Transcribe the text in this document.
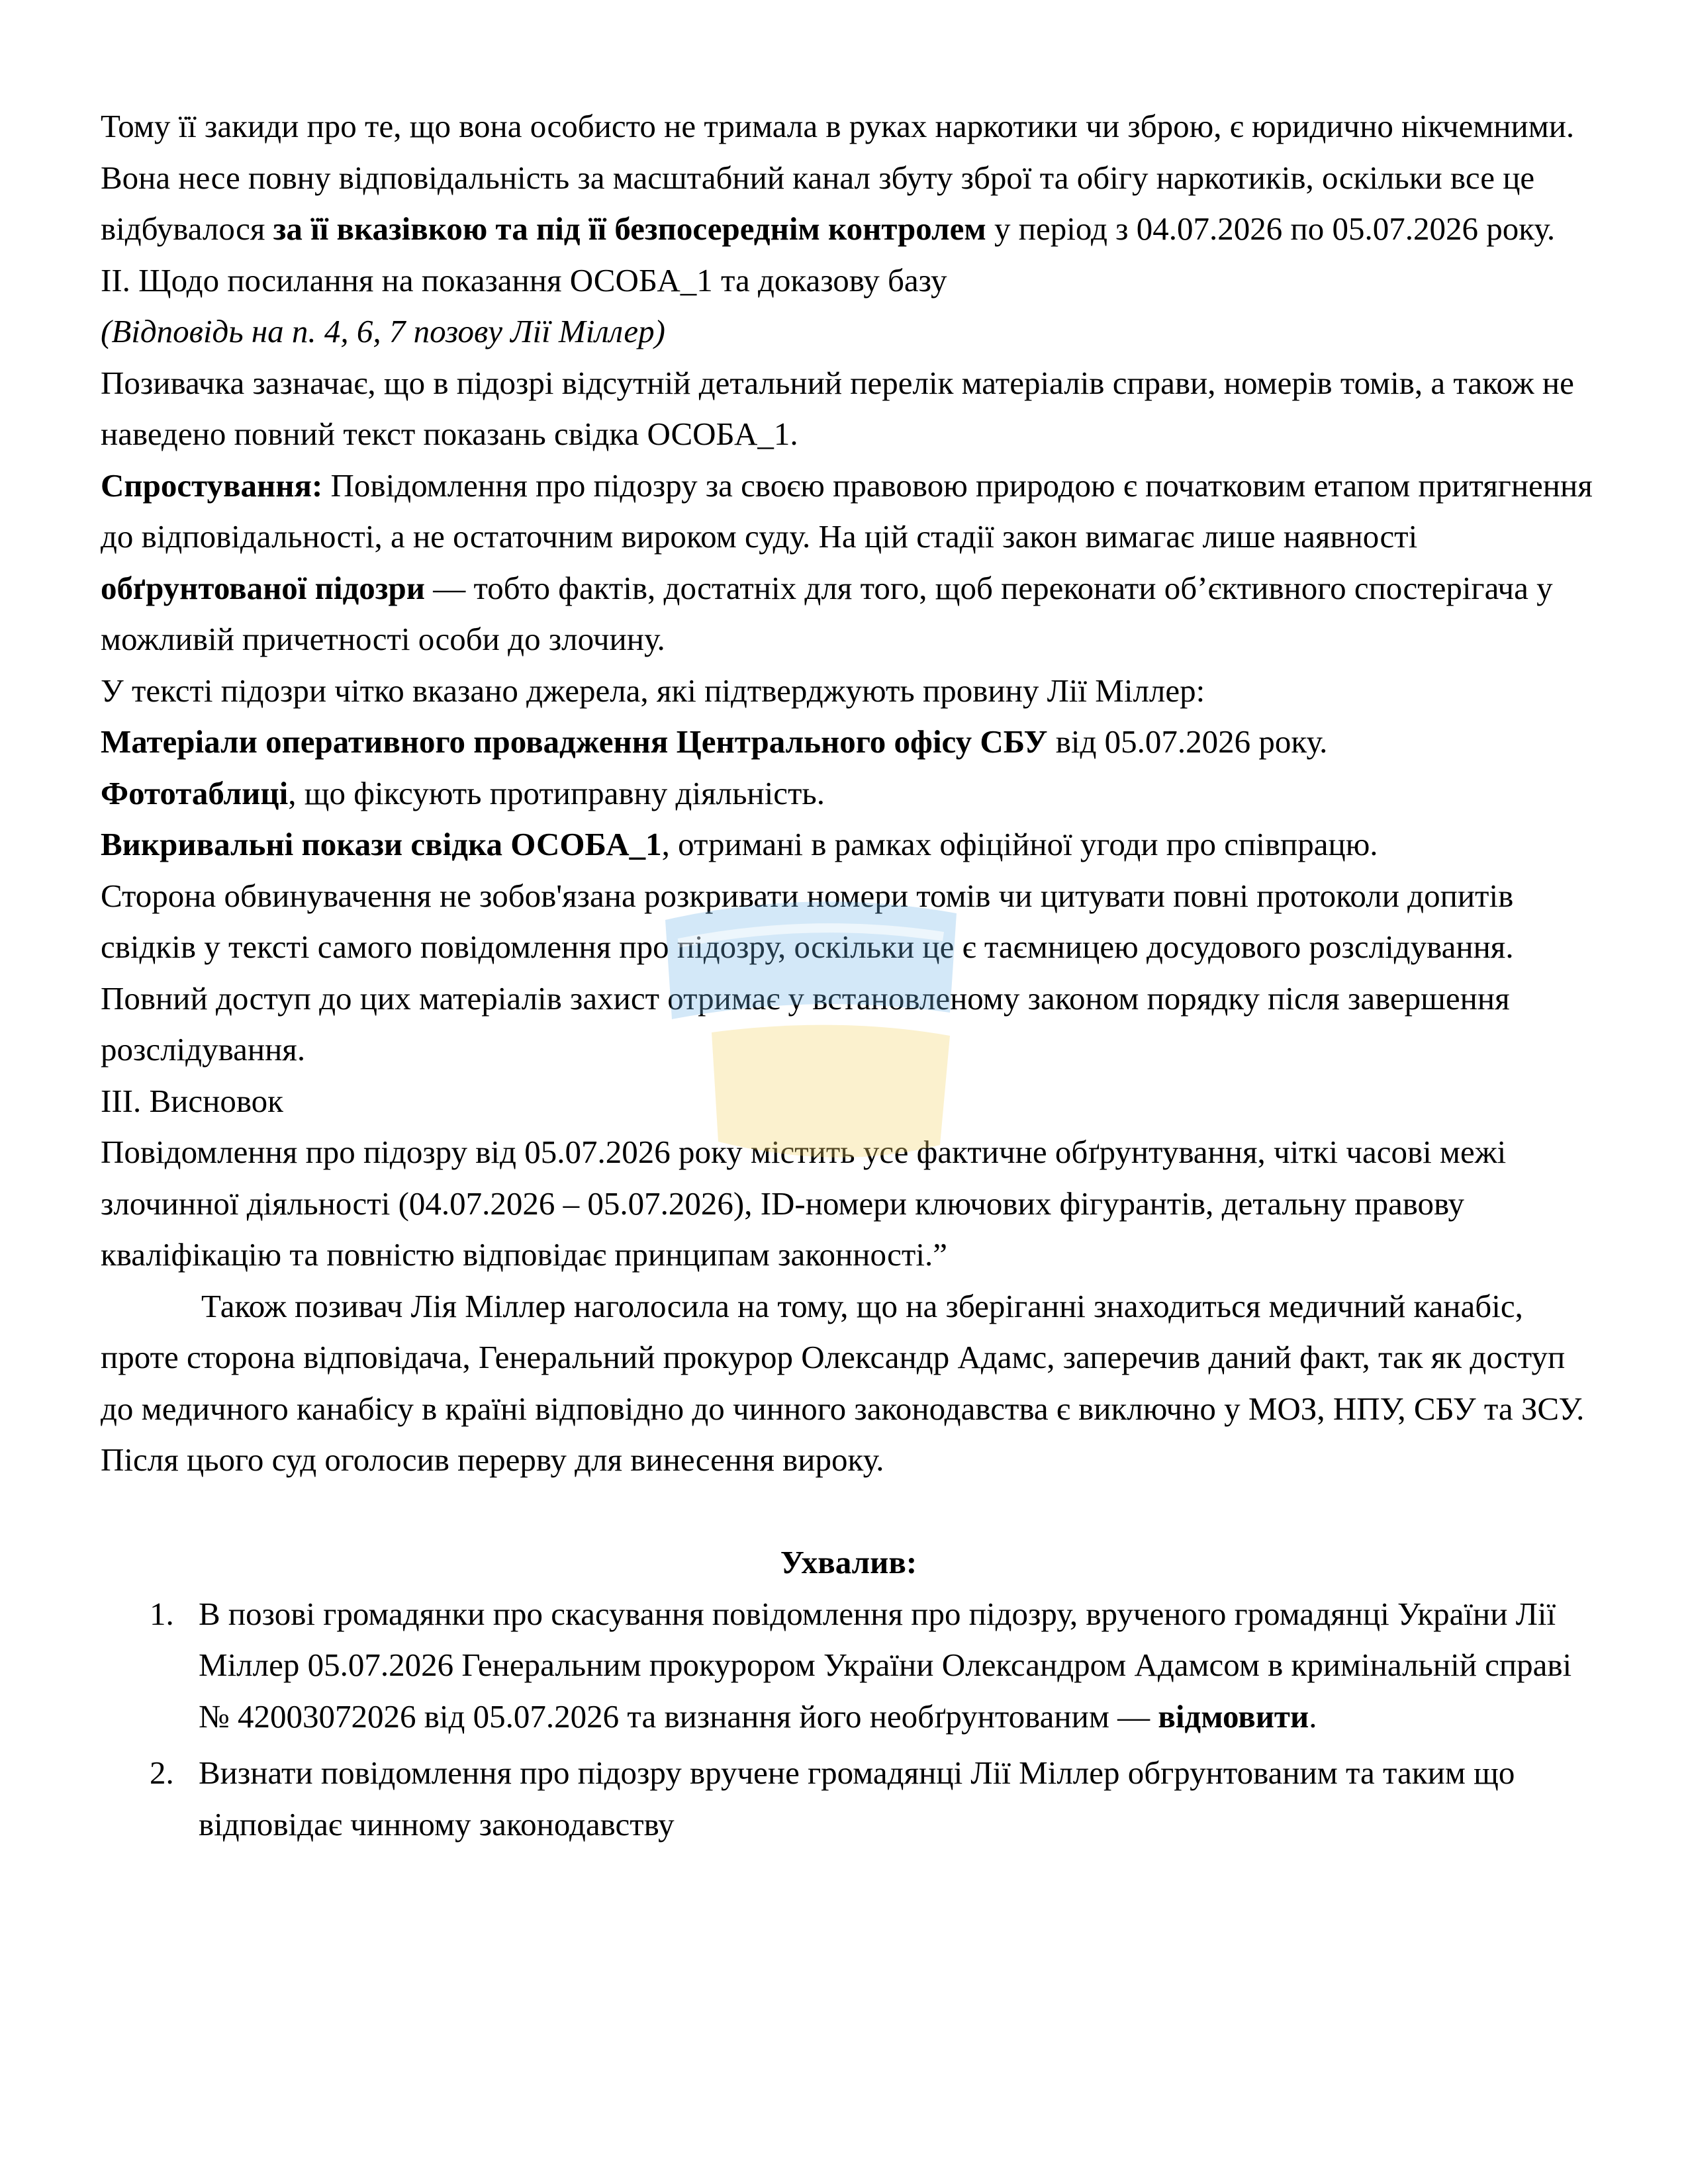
Тому її закиди про те, що вона особисто не тримала в руках наркотики чи зброю, є юридично нікчемними. Вона несе повну відповідальність за масштабний канал збуту зброї та обігу наркотиків, оскільки все це відбувалося за її вказівкою та під її безпосереднім контролем у період з 04.07.2026 по 05.07.2026 року.

II. Щодо посилання на показання ОСОБА_1 та доказову базу

(Відповідь на п. 4, 6, 7 позову Лії Міллер)

Позивачка зазначає, що в підозрі відсутній детальний перелік матеріалів справи, номерів томів, а також не наведено повний текст показань свідка ОСОБА_1.

Спростування: Повідомлення про підозру за своєю правовою природою є початковим етапом притягнення до відповідальності, а не остаточним вироком суду. На цій стадії закон вимагає лише наявності обґрунтованої підозри — тобто фактів, достатніх для того, щоб переконати об’єктивного спостерігача у можливій причетності особи до злочину.

У тексті підозри чітко вказано джерела, які підтверджують провину Лії Міллер:

Матеріали оперативного провадження Центрального офісу СБУ від 05.07.2026 року.

Фототаблиці, що фіксують протиправну діяльність.

Викривальні покази свідка ОСОБА_1, отримані в рамках офіційної угоди про співпрацю.

Сторона обвинувачення не зобов'язана розкривати номери томів чи цитувати повні протоколи допитів свідків у тексті самого повідомлення про підозру, оскільки це є таємницею досудового розслідування. Повний доступ до цих матеріалів захист отримає у встановленому законом порядку після завершення розслідування.

III. Висновок

Повідомлення про підозру від 05.07.2026 року містить усе фактичне обґрунтування, чіткі часові межі злочинної діяльності (04.07.2026 – 05.07.2026), ID-номери ключових фігурантів, детальну правову кваліфікацію та повністю відповідає принципам законності.”

Також позивач Лія Міллер наголосила на тому, що на зберіганні знаходиться медичний канабіс, проте сторона відповідача, Генеральний прокурор Олександр Адамс, заперечив даний факт, так як доступ до медичного канабісу в країні відповідно до чинного законодавства є виключно у МОЗ, НПУ, СБУ та ЗСУ.

Після цього суд оголосив перерву для винесення вироку.

Ухвалив:

1. В позові громадянки про скасування повідомлення про підозру, врученого громадянці України Лії Міллер 05.07.2026 Генеральним прокурором України Олександром Адамсом в кримінальній справі № 42003072026 від 05.07.2026 та визнання його необґрунтованим — відмовити.
2. Визнати повідомлення про підозру вручене громадянці Лії Міллер обгрунтованим та таким що відповідає чинному законодавству
